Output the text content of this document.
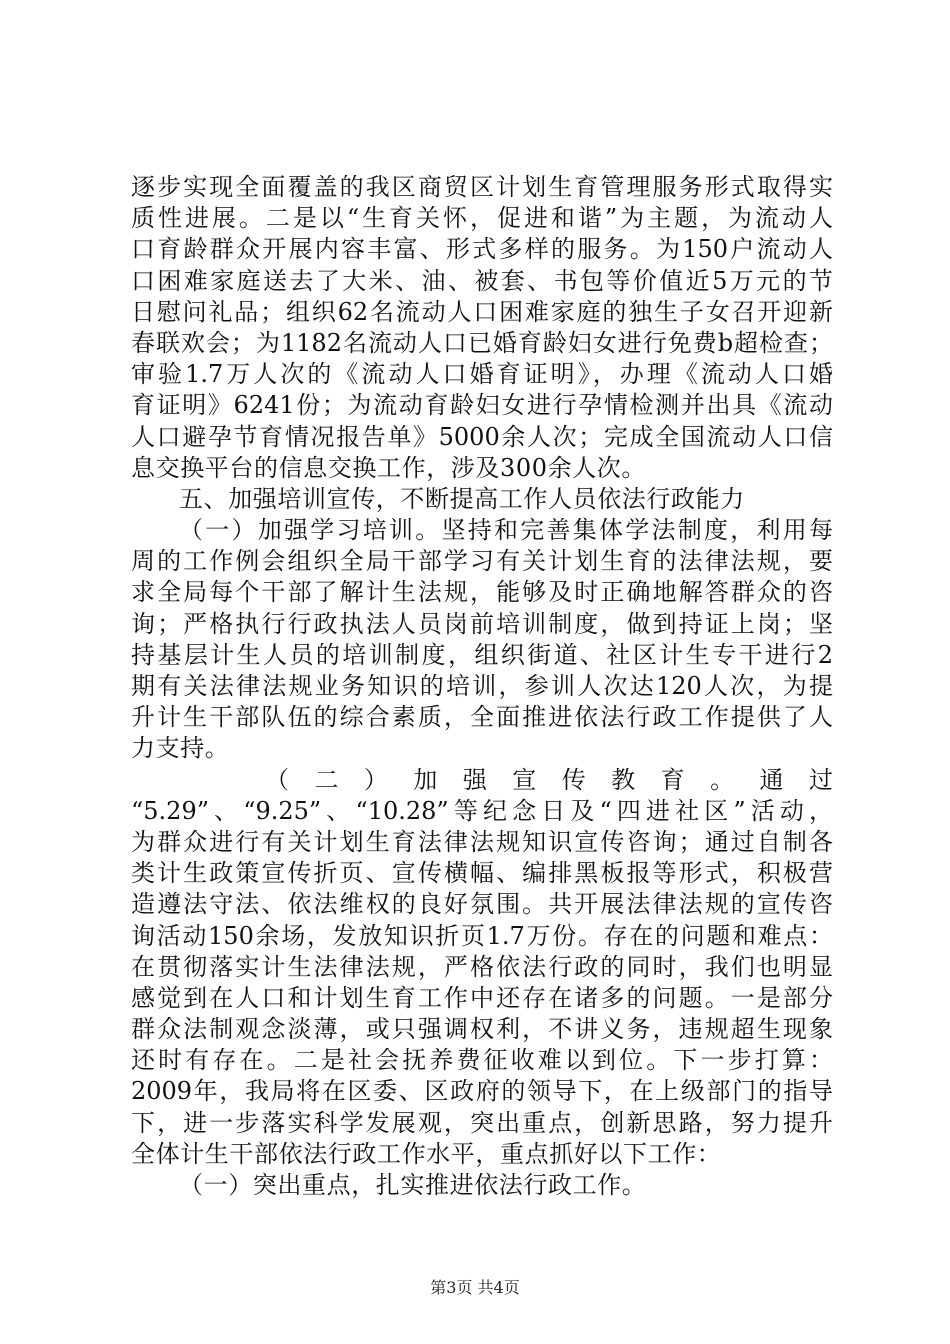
逐步实现全面覆盖的我区商贸区计划生育管理服务形式取得实
质性进展。二是以“生育关怀，促进和谐”为主题，为流动人
口育龄群众开展内容丰富、形式多样的服务。为150户流动人
口困难家庭送去了大米、油、被套、书包等价值近5万元的节
日慰问礼品；组织62名流动人口困难家庭的独生子女召开迎新
春联欢会；为1182名流动人口已婚育龄妇女进行免费b超检查；
审验1.7万人次的《流动人口婚育证明》，办理《流动人口婚
育证明》6241份；为流动育龄妇女进行孕情检测并出具《流动
人口避孕节育情况报告单》5000余人次；完成全国流动人口信
息交换平台的信息交换工作，涉及300余人次。
五、加强培训宣传，不断提高工作人员依法行政能力
（一）加强学习培训。坚持和完善集体学法制度，利用每
周的工作例会组织全局干部学习有关计划生育的法律法规，要
求全局每个干部了解计生法规，能够及时正确地解答群众的咨
询；严格执行行政执法人员岗前培训制度，做到持证上岗；坚
持基层计生人员的培训制度，组织街道、社区计生专干进行2
期有关法律法规业务知识的培训，参训人次达120人次，为提
升计生干部队伍的综合素质，全面推进依法行政工作提供了人
力支持。
（二）加强宣传教育。通过
“5.29”、“9.25”、“10.28”等纪念日及“四进社区”活动，
为群众进行有关计划生育法律法规知识宣传咨询；通过自制各
类计生政策宣传折页、宣传横幅、编排黑板报等形式，积极营
造遵法守法、依法维权的良好氛围。共开展法律法规的宣传咨
询活动150余场，发放知识折页1.7万份。存在的问题和难点：
在贯彻落实计生法律法规，严格依法行政的同时，我们也明显
感觉到在人口和计划生育工作中还存在诸多的问题。一是部分
群众法制观念淡薄，或只强调权利，不讲义务，违规超生现象
还时有存在。二是社会抚养费征收难以到位。下一步打算：
2009年，我局将在区委、区政府的领导下，在上级部门的指导
下，进一步落实科学发展观，突出重点，创新思路，努力提升
全体计生干部依法行政工作水平，重点抓好以下工作：
（一）突出重点，扎实推进依法行政工作。
第3页 共4页
